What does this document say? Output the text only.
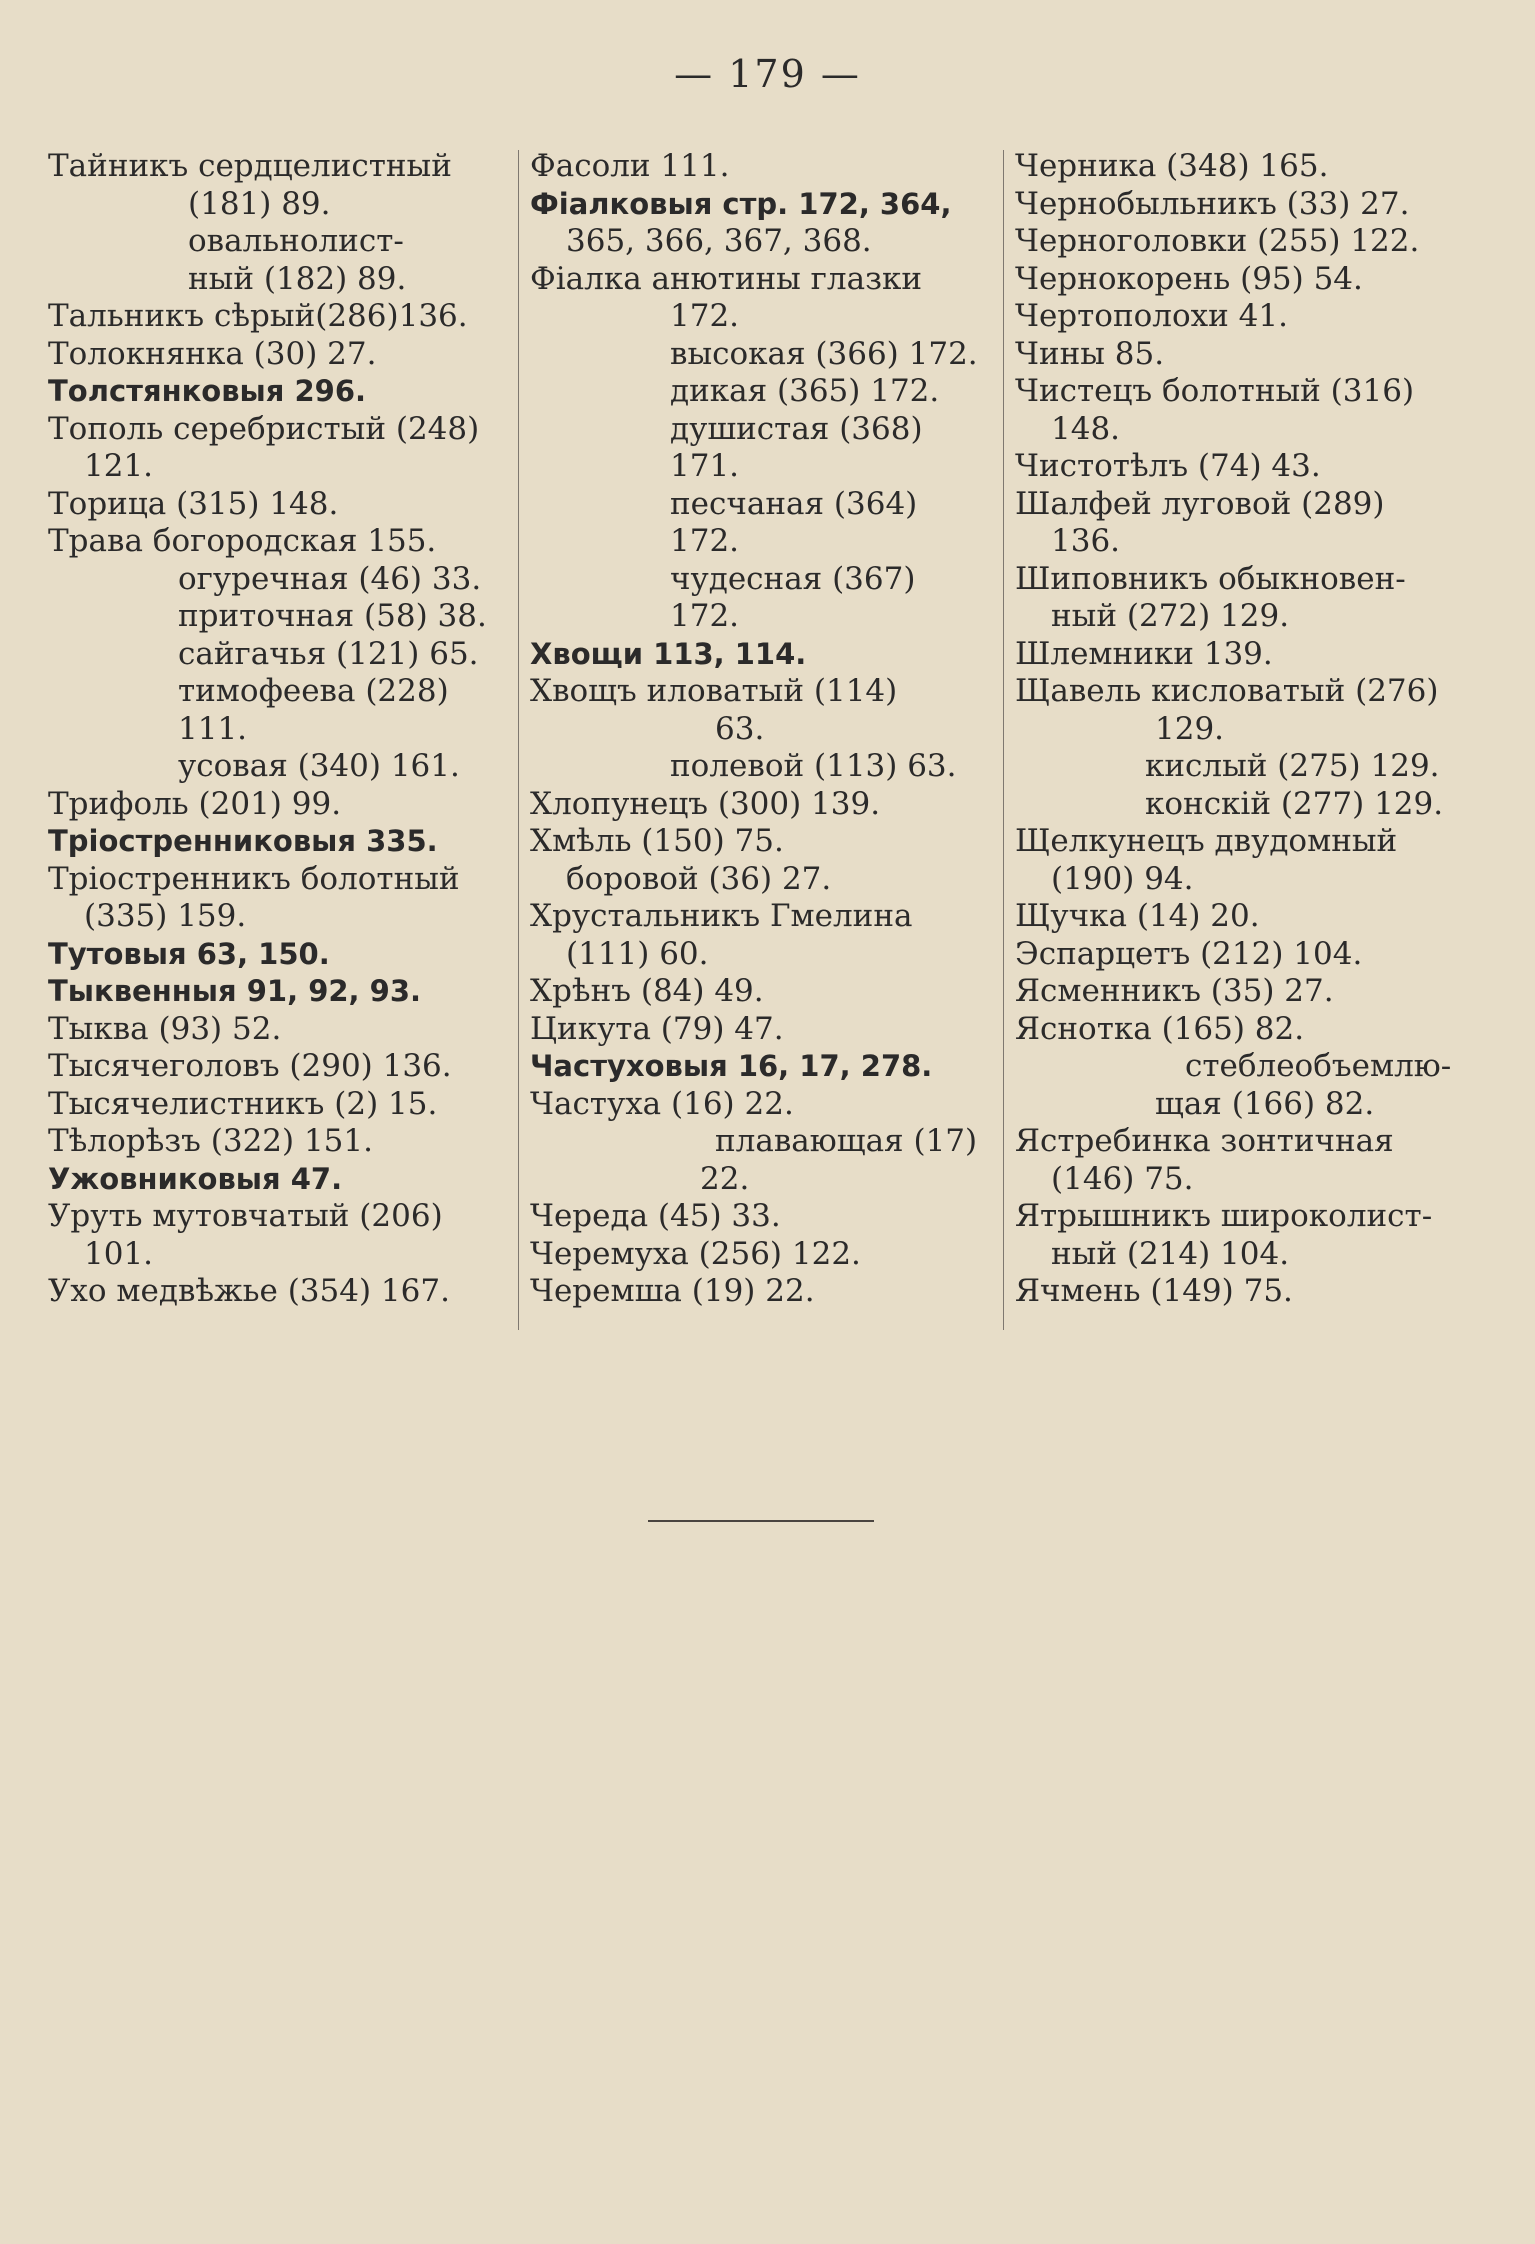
— 179 —
Тайникъ сердцелистный
(181) 89.
овальнолист-
ный (182) 89.
Тальникъ сѣрый(286)136.
Толокнянка (30) 27.
Толстянковыя 296.
Тополь серебристый (248)
121.
Торица (315) 148.
Трава богородская 155.
огуречная (46) 33.
приточная (58) 38.
сайгачья (121) 65.
тимофеева (228)
111.
усовая (340) 161.
Трифоль (201) 99.
Тріостренниковыя 335.
Тріостренникъ болотный
(335) 159.
Тутовыя 63, 150.
Тыквенныя 91, 92, 93.
Тыква (93) 52.
Тысячеголовъ (290) 136.
Тысячелистникъ (2) 15.
Тѣлорѣзъ (322) 151.
Ужовниковыя 47.
Уруть мутовчатый (206)
101.
Ухо медвѣжье (354) 167.
Фасоли 111.
Фіалковыя стр. 172, 364,
365, 366, 367, 368.
Фіалка анютины глазки
172.
высокая (366) 172.
дикая (365) 172.
душистая (368)
171.
песчаная (364)
172.
чудесная (367)
172.
Хвощи 113, 114.
Хвощъ иловатый (114)
63.
полевой (113) 63.
Хлопунецъ (300) 139.
Хмѣль (150) 75.
боровой (36) 27.
Хрустальникъ Гмелина
(111) 60.
Хрѣнъ (84) 49.
Цикута (79) 47.
Частуховыя 16, 17, 278.
Частуха (16) 22.
плавающая (17)
22.
Череда (45) 33.
Черемуха (256) 122.
Черемша (19) 22.
Черника (348) 165.
Чернобыльникъ (33) 27.
Черноголовки (255) 122.
Чернокорень (95) 54.
Чертополохи 41.
Чины 85.
Чистецъ болотный (316)
148.
Чистотѣлъ (74) 43.
Шалфей луговой (289)
136.
Шиповникъ обыкновен-
ный (272) 129.
Шлемники 139.
Щавель кисловатый (276)
129.
кислый (275) 129.
конскій (277) 129.
Щелкунецъ двудомный
(190) 94.
Щучка (14) 20.
Эспарцетъ (212) 104.
Ясменникъ (35) 27.
Яснотка (165) 82.
стеблеобъемлю-
щая (166) 82.
Ястребинка зонтичная
(146) 75.
Ятрышникъ широколист-
ный (214) 104.
Ячмень (149) 75.
